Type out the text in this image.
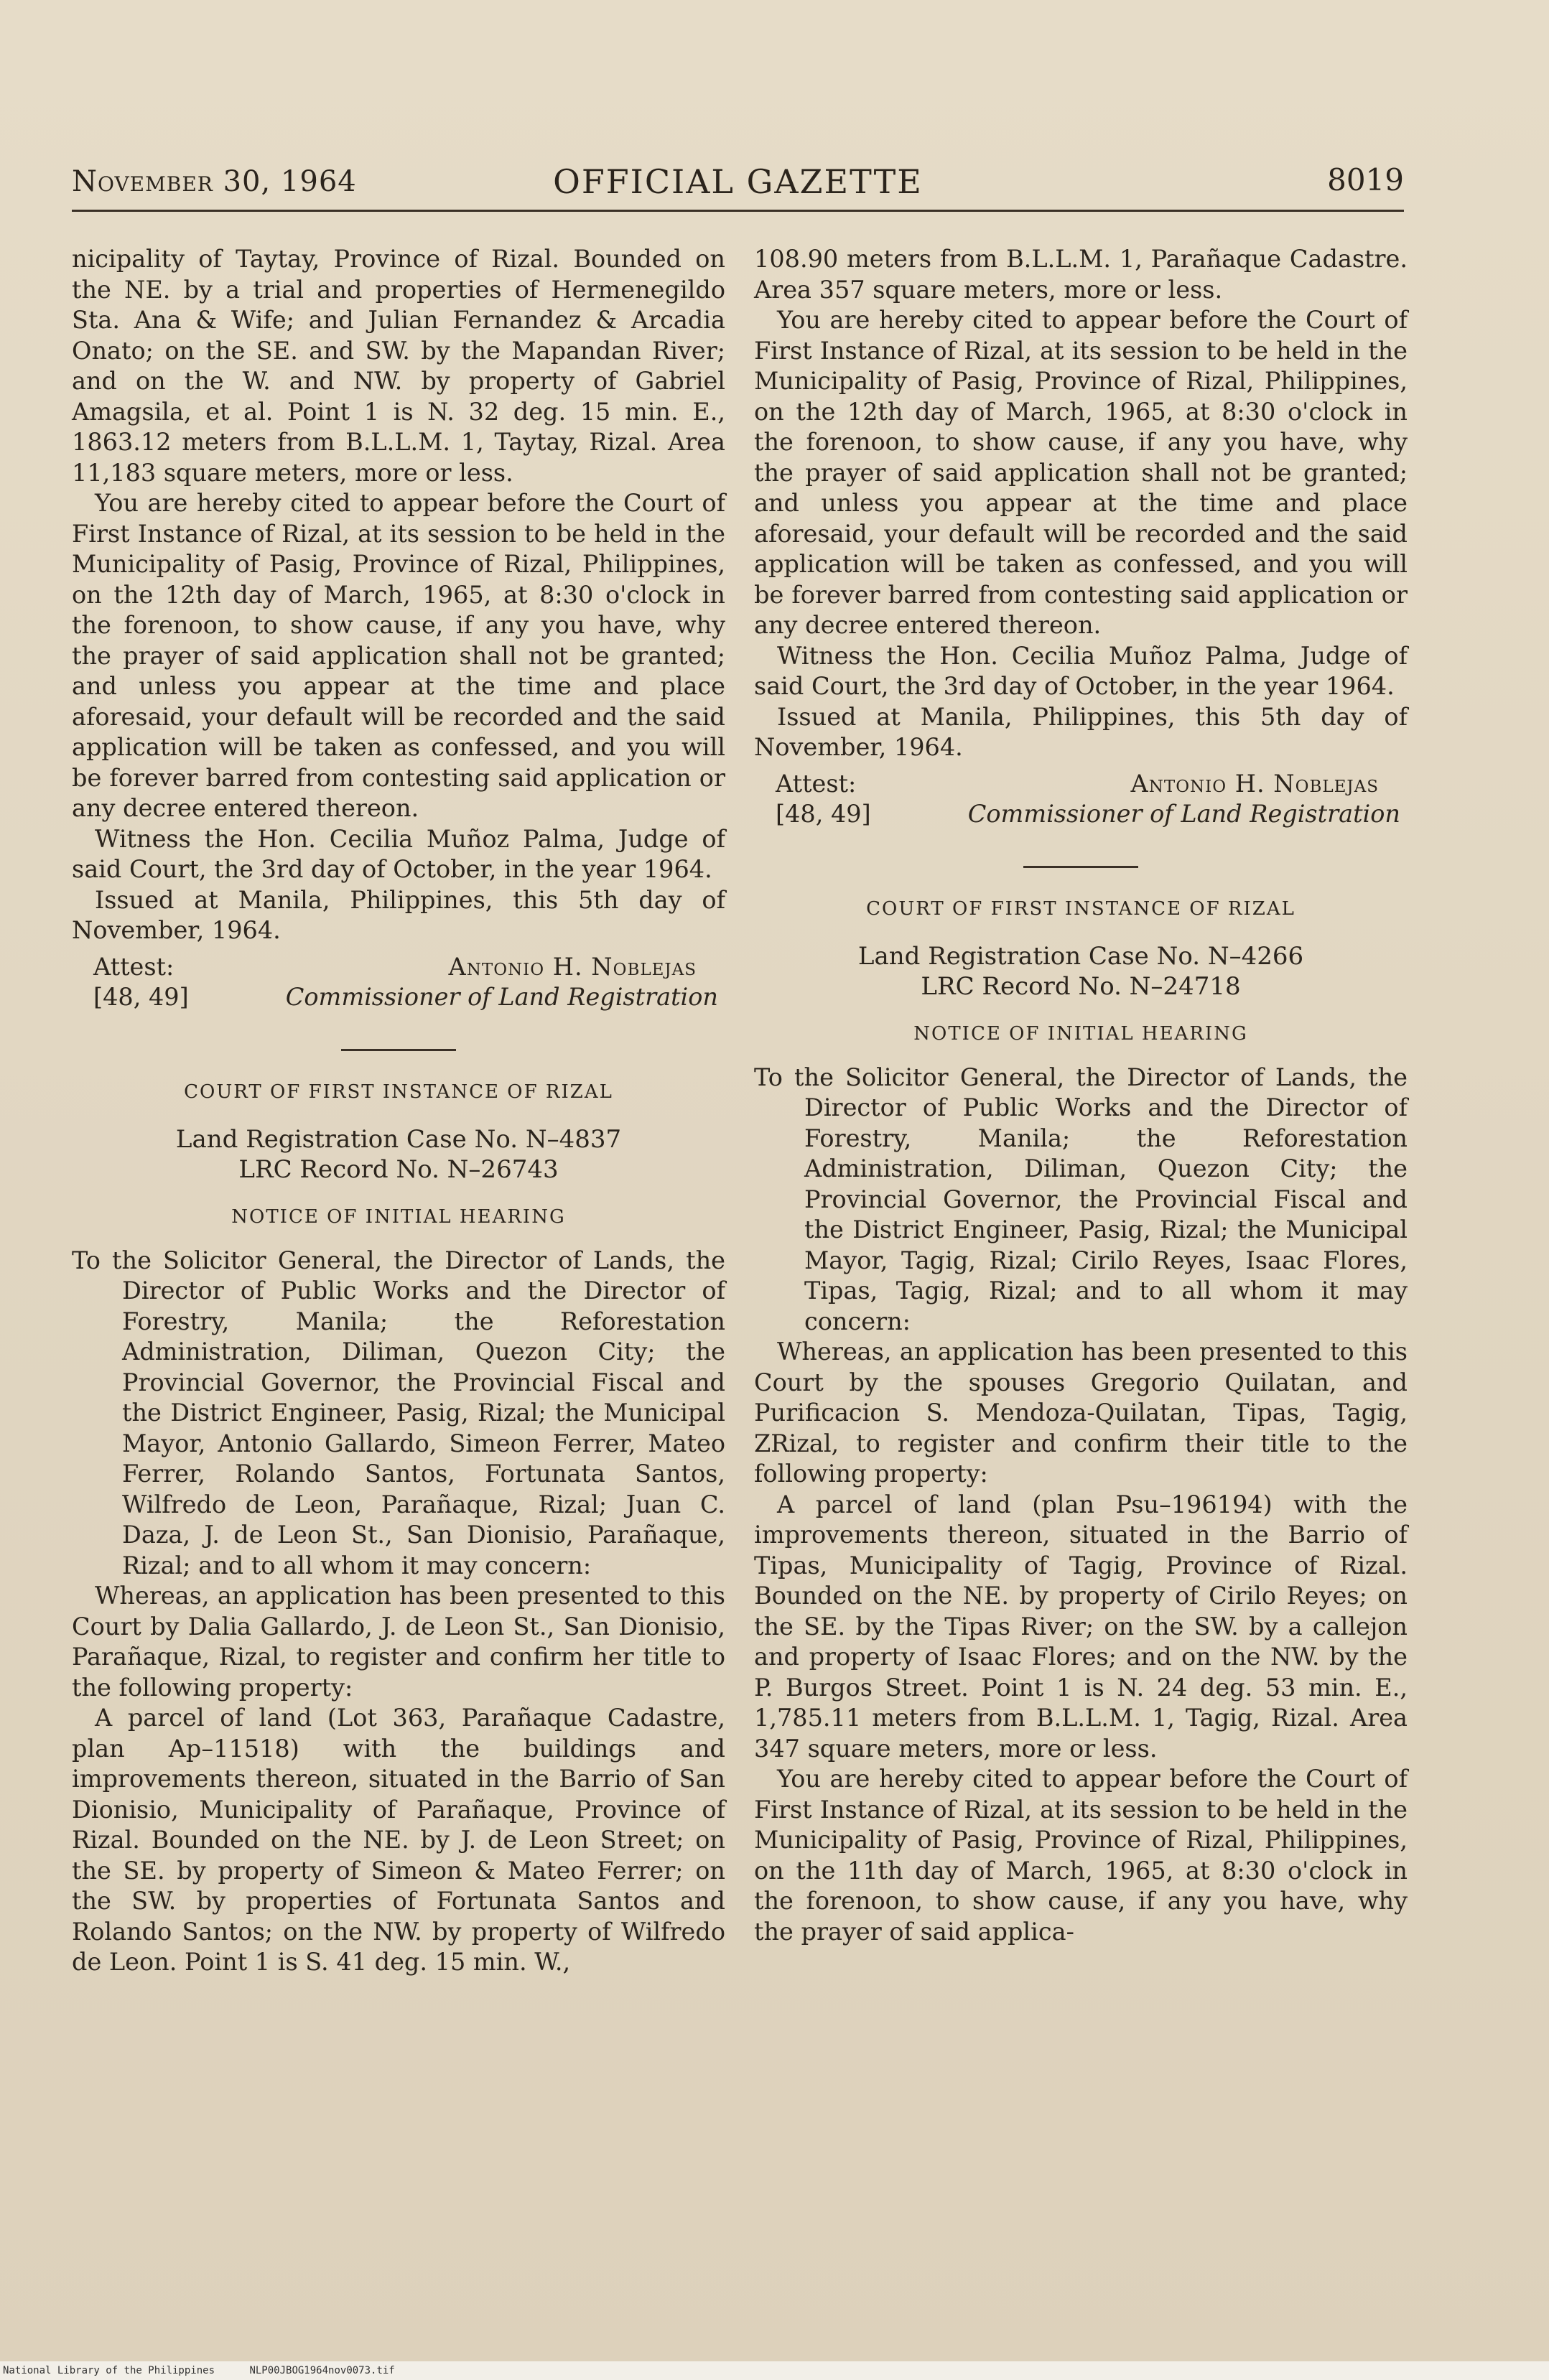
November 30, 1964	OFFICIAL GAZETTE	8019

nicipality of Taytay, Province of Rizal. Bounded on the NE. by a trial and properties of Hermenegildo Sta. Ana & Wife; and Julian Fernandez & Arcadia Onato; on the SE. and SW. by the Mapandan River; and on the W. and NW. by property of Gabriel Amagsila, et al. Point 1 is N. 32 deg. 15 min. E., 1863.12 meters from B.L.L.M. 1, Taytay, Rizal. Area 11,183 square meters, more or less.

You are hereby cited to appear before the Court of First Instance of Rizal, at its session to be held in the Municipality of Pasig, Province of Rizal, Philippines, on the 12th day of March, 1965, at 8:30 o'clock in the forenoon, to show cause, if any you have, why the prayer of said application shall not be granted; and unless you appear at the time and place aforesaid, your default will be recorded and the said application will be taken as confessed, and you will be forever barred from contesting said application or any decree entered thereon.

Witness the Hon. Cecilia Muñoz Palma, Judge of said Court, the 3rd day of October, in the year 1964.

Issued at Manila, Philippines, this 5th day of November, 1964.

Attest:	Antonio H. Noblejas
[48, 49]	Commissioner of Land Registration
COURT OF FIRST INSTANCE OF RIZAL
Land Registration Case No. N–4837
LRC Record No. N–26743
NOTICE OF INITIAL HEARING

To the Solicitor General, the Director of Lands, the Director of Public Works and the Director of Forestry, Manila; the Reforestation Administration, Diliman, Quezon City; the Provincial Governor, the Provincial Fiscal and the District Engineer, Pasig, Rizal; the Municipal Mayor, Antonio Gallardo, Simeon Ferrer, Mateo Ferrer, Rolando Santos, Fortunata Santos, Wilfredo de Leon, Parañaque, Rizal; Juan C. Daza, J. de Leon St., San Dionisio, Parañaque, Rizal; and to all whom it may concern:

Whereas, an application has been presented to this Court by Dalia Gallardo, J. de Leon St., San Dionisio, Parañaque, Rizal, to register and confirm her title to the following property:

A parcel of land (Lot 363, Parañaque Cadastre, plan Ap–11518) with the buildings and improvements thereon, situated in the Barrio of San Dionisio, Municipality of Parañaque, Province of Rizal. Bounded on the NE. by J. de Leon Street; on the SE. by property of Simeon & Mateo Ferrer; on the SW. by properties of Fortunata Santos and Rolando Santos; on the NW. by property of Wilfredo de Leon. Point 1 is S. 41 deg. 15 min. W.,

108.90 meters from B.L.L.M. 1, Parañaque Cadastre. Area 357 square meters, more or less.

You are hereby cited to appear before the Court of First Instance of Rizal, at its session to be held in the Municipality of Pasig, Province of Rizal, Philippines, on the 12th day of March, 1965, at 8:30 o'clock in the forenoon, to show cause, if any you have, why the prayer of said application shall not be granted; and unless you appear at the time and place aforesaid, your default will be recorded and the said application will be taken as confessed, and you will be forever barred from contesting said application or any decree entered thereon.

Witness the Hon. Cecilia Muñoz Palma, Judge of said Court, the 3rd day of October, in the year 1964.

Issued at Manila, Philippines, this 5th day of November, 1964.

Attest:	Antonio H. Noblejas
[48, 49]	Commissioner of Land Registration
COURT OF FIRST INSTANCE OF RIZAL
Land Registration Case No. N–4266
LRC Record No. N–24718
NOTICE OF INITIAL HEARING

To the Solicitor General, the Director of Lands, the Director of Public Works and the Director of Forestry, Manila; the Reforestation Administration, Diliman, Quezon City; the Provincial Governor, the Provincial Fiscal and the District Engineer, Pasig, Rizal; the Municipal Mayor, Tagig, Rizal; Cirilo Reyes, Isaac Flores, Tipas, Tagig, Rizal; and to all whom it may concern:

Whereas, an application has been presented to this Court by the spouses Gregorio Quilatan, and Purificacion S. Mendoza-Quilatan, Tipas, Tagig, ZRizal, to register and confirm their title to the following property:

A parcel of land (plan Psu–196194) with the improvements thereon, situated in the Barrio of Tipas, Municipality of Tagig, Province of Rizal. Bounded on the NE. by property of Cirilo Reyes; on the SE. by the Tipas River; on the SW. by a callejon and property of Isaac Flores; and on the NW. by the P. Burgos Street. Point 1 is N. 24 deg. 53 min. E., 1,785.11 meters from B.L.L.M. 1, Tagig, Rizal. Area 347 square meters, more or less.

You are hereby cited to appear before the Court of First Instance of Rizal, at its session to be held in the Municipality of Pasig, Province of Rizal, Philippines, on the 11th day of March, 1965, at 8:30 o'clock in the forenoon, to show cause, if any you have, why the prayer of said applica-

National Library of the Philippines	NLP00JBOG1964nov0073.tif
